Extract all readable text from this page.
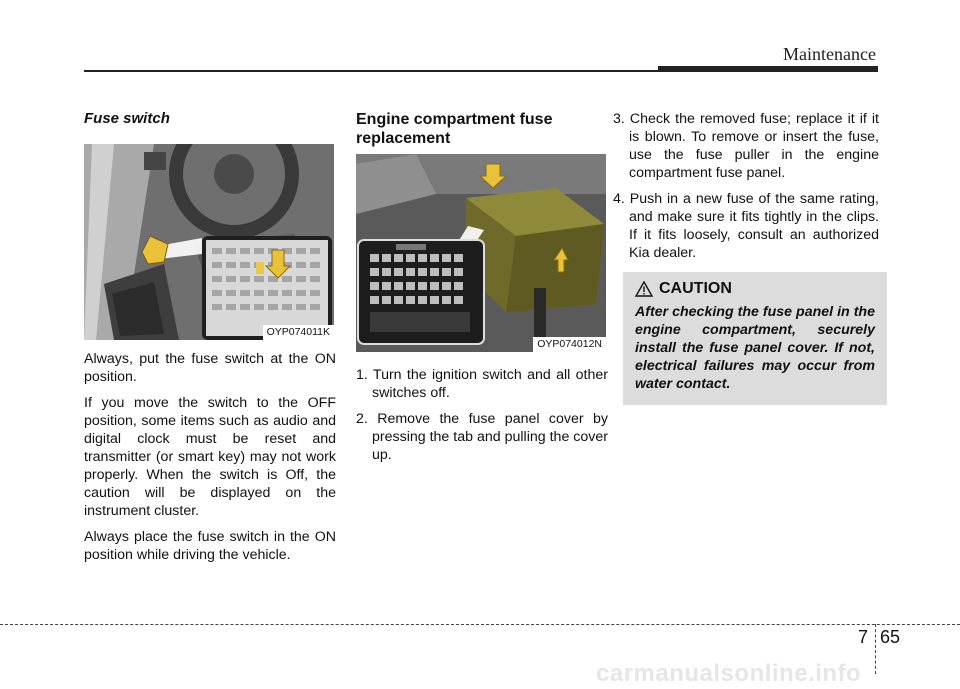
Maintenance
Fuse switch
OYP074011K

Always, put the fuse switch at the ON position.

If you move the switch to the OFF position, some items such as audio and digital clock must be reset and transmitter (or smart key) may not work properly. When the switch is Off, the caution will be displayed on the instrument cluster.

Always place the fuse switch in the ON position while driving the vehicle.

Engine compartment fuse replacement
OYP074012N
1. Turn the ignition switch and all other switches off.
2. Remove the fuse panel cover by pressing the tab and pulling the cover up.
3. Check the removed fuse; replace it if it is blown. To remove or insert the fuse, use the fuse puller in the engine compartment fuse panel.
4. Push in a new fuse of the same rating, and make sure it fits tightly in the clips. If it fits loosely, consult an authorized Kia dealer.
CAUTION
After checking the fuse panel in the engine compartment, securely install the fuse panel cover. If not, electrical failures may occur from water contact.
7 65
carmanualsonline.info
